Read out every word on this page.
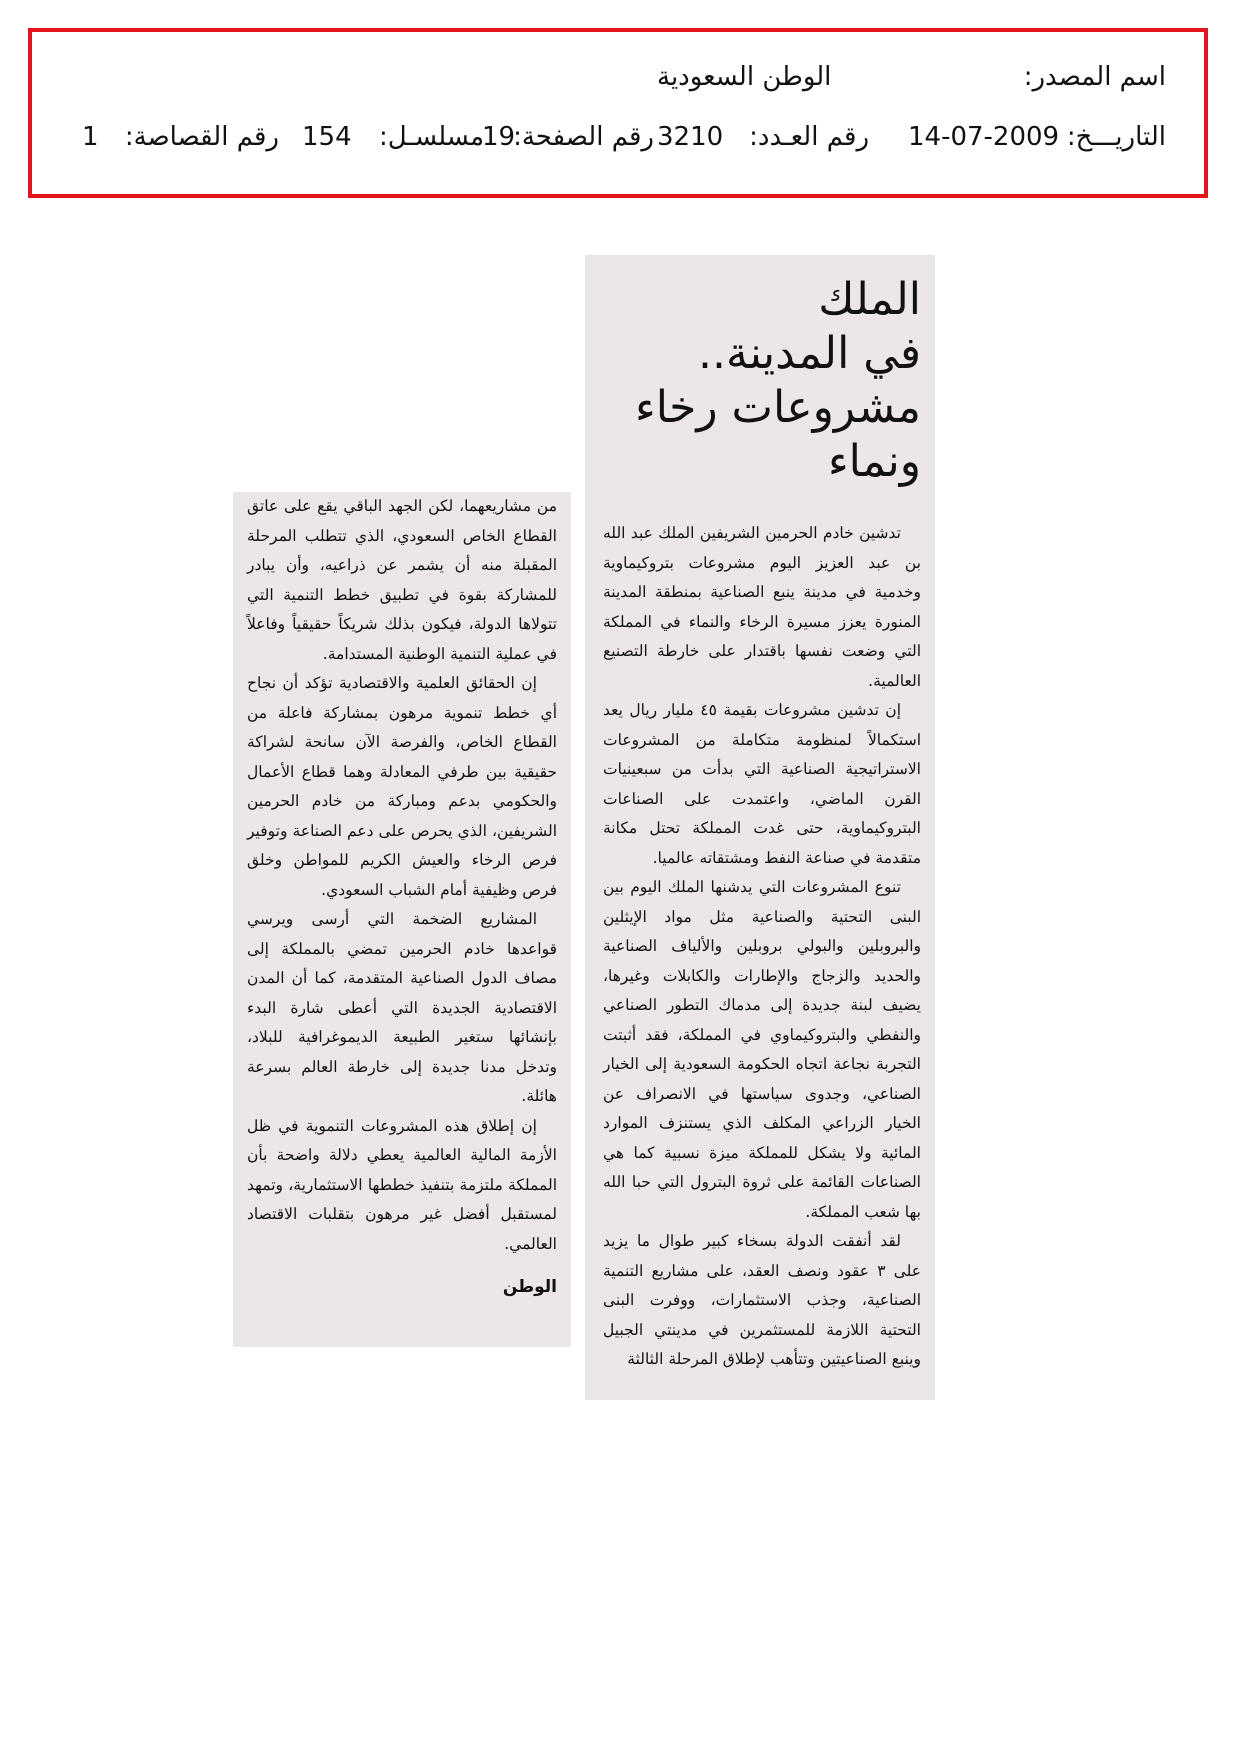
اسم المصدر:
الوطن السعودية
التاريـــخ:
14-07-2009
رقم العـدد:
3210
رقم الصفحة:
19
مسلسـل:
154
رقم القصاصة:
1
الملك
في المدينة..
مشروعات رخاء
ونماء

تدشين خادم الحرمين الشريفين الملك عبد الله بن عبد العزيز اليوم مشروعات بتروكيماوية وخدمية في مدينة ينبع الصناعية بمنطقة المدينة المنورة يعزز مسيرة الرخاء والنماء في المملكة التي وضعت نفسها باقتدار على خارطة التصنيع العالمية.

إن تدشين مشروعات بقيمة ٤٥ مليار ريال يعد استكمالاً لمنظومة متكاملة من المشروعات الاستراتيجية الصناعية التي بدأت من سبعينيات القرن الماضي، واعتمدت على الصناعات البتروكيماوية، حتى غدت المملكة تحتل مكانة متقدمة في صناعة النفط ومشتقاته عالميا.

تنوع المشروعات التي يدشنها الملك اليوم بين البنى التحتية والصناعية مثل مواد الإيثلين والبروبلين والبولي بروبلين والألياف الصناعية والحديد والزجاج والإطارات والكابلات وغيرها، يضيف لبنة جديدة إلى مدماك التطور الصناعي والنفطي والبتروكيماوي في المملكة، فقد أثبتت التجربة نجاعة اتجاه الحكومة السعودية إلى الخيار الصناعي، وجدوى سياستها في الانصراف عن الخيار الزراعي المكلف الذي يستنزف الموارد المائية ولا يشكل للمملكة ميزة نسبية كما هي الصناعات القائمة على ثروة البترول التي حبا الله بها شعب المملكة.

لقد أنفقت الدولة بسخاء كبير طوال ما يزيد على ٣ عقود ونصف العقد، على مشاريع التنمية الصناعية، وجذب الاستثمارات، ووفرت البنى التحتية اللازمة للمستثمرين في مدينتي الجبيل وينبع الصناعيتين وتتأهب لإطلاق المرحلة الثالثة

من مشاريعهما، لكن الجهد الباقي يقع على عاتق القطاع الخاص السعودي، الذي تتطلب المرحلة المقبلة منه أن يشمر عن ذراعيه، وأن يبادر للمشاركة بقوة في تطبيق خطط التنمية التي تتولاها الدولة، فيكون بذلك شريكاً حقيقياً وفاعلاً في عملية التنمية الوطنية المستدامة.

إن الحقائق العلمية والاقتصادية تؤكد أن نجاح أي خطط تنموية مرهون بمشاركة فاعلة من القطاع الخاص، والفرصة الآن سانحة لشراكة حقيقية بين طرفي المعادلة وهما قطاع الأعمال والحكومي بدعم ومباركة من خادم الحرمين الشريفين، الذي يحرص على دعم الصناعة وتوفير فرص الرخاء والعيش الكريم للمواطن وخلق فرص وظيفية أمام الشباب السعودي.

المشاريع الضخمة التي أرسى ويرسي قواعدها خادم الحرمين تمضي بالمملكة إلى مصاف الدول الصناعية المتقدمة، كما أن المدن الاقتصادية الجديدة التي أعطى شارة البدء بإنشائها ستغير الطبيعة الديموغرافية للبلاد، وتدخل مدنا جديدة إلى خارطة العالم بسرعة هائلة.

إن إطلاق هذه المشروعات التنموية في ظل الأزمة المالية العالمية يعطي دلالة واضحة بأن المملكة ملتزمة بتنفيذ خططها الاستثمارية، وتمهد لمستقبل أفضل غير مرهون بتقلبات الاقتصاد العالمي.

الوطن
